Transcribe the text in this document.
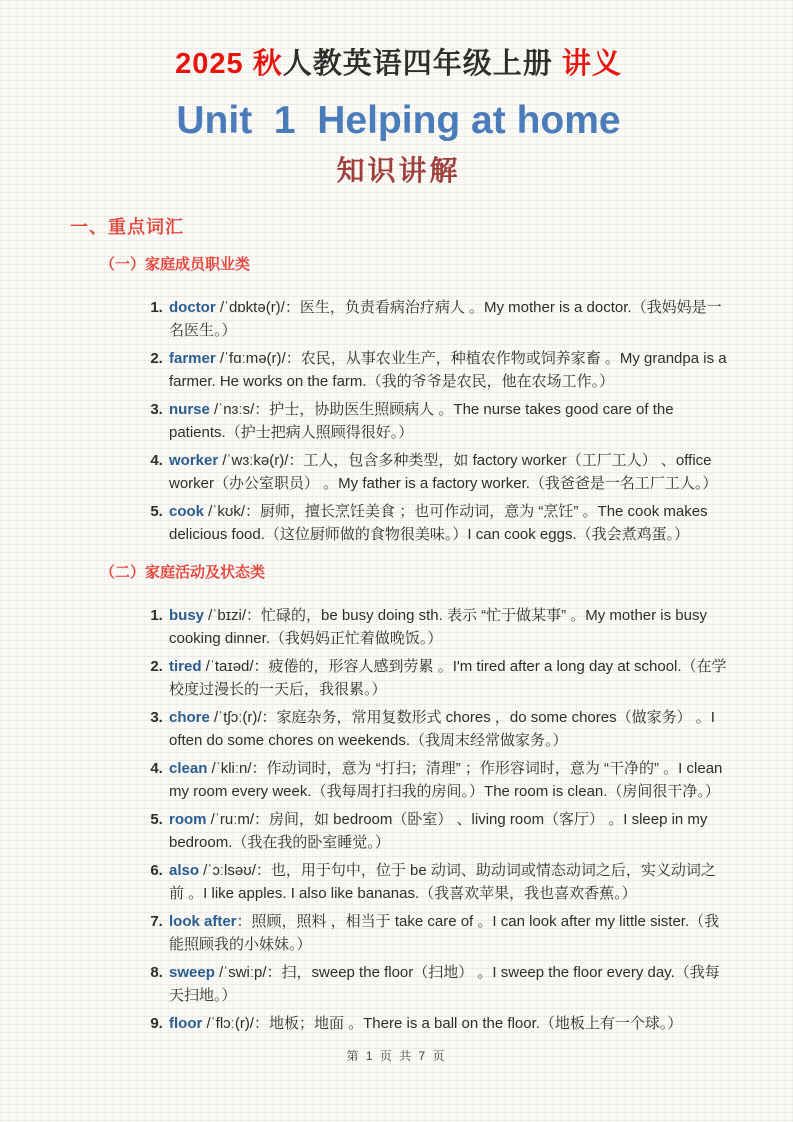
2025 秋人教英语四年级上册 讲义
Unit  1  Helping at home
知识讲解
一、重点词汇
（一）家庭成员职业类
1. doctor /ˈdɒktə(r)/：医生，负责看病治疗病人 。My mother is a doctor.（我妈妈是一名医生。）
2. farmer /ˈfɑːmə(r)/：农民，从事农业生产，种植农作物或饲养家畜 。My grandpa is a farmer. He works on the farm.（我的爷爷是农民，他在农场工作。）
3. nurse /ˈnɜːs/：护士，协助医生照顾病人 。The nurse takes good care of the patients.（护士把病人照顾得很好。）
4. worker /ˈwɜːkə(r)/：工人，包含多种类型，如 factory worker（工厂工人） 、office worker（办公室职员） 。My father is a factory worker.（我爸爸是一名工厂工人。）
5. cook /ˈkʊk/：厨师，擅长烹饪美食 ；也可作动词，意为 “烹饪” 。The cook makes delicious food.（这位厨师做的食物很美味。）I can cook eggs.（我会煮鸡蛋。）
（二）家庭活动及状态类
1. busy /ˈbɪzi/：忙碌的，be busy doing sth. 表示 “忙于做某事” 。My mother is busy cooking dinner.（我妈妈正忙着做晚饭。）
2. tired /ˈtaɪəd/：疲倦的，形容人感到劳累 。I'm tired after a long day at school.（在学校度过漫长的一天后，我很累。）
3. chore /ˈtʃɔː(r)/：家庭杂务，常用复数形式 chores ，do some chores（做家务） 。I often do some chores on weekends.（我周末经常做家务。）
4. clean /ˈkliːn/：作动词时，意为 “打扫；清理” ；作形容词时，意为 “干净的” 。I clean my room every week.（我每周打扫我的房间。）The room is clean.（房间很干净。）
5. room /ˈruːm/：房间，如 bedroom（卧室） 、living room（客厅） 。I sleep in my bedroom.（我在我的卧室睡觉。）
6. also /ˈɔːlsəʊ/：也，用于句中，位于 be 动词、助动词或情态动词之后，实义动词之前 。I like apples. I also like bananas.（我喜欢苹果，我也喜欢香蕉。）
7. look after：照顾，照料 ，相当于 take care of 。I can look after my little sister.（我能照顾我的小妹妹。）
8. sweep /ˈswiːp/：扫，sweep the floor（扫地） 。I sweep the floor every day.（我每天扫地。）
9. floor /ˈflɔː(r)/：地板；地面 。There is a ball on the floor.（地板上有一个球。）
第 1 页 共 7 页
